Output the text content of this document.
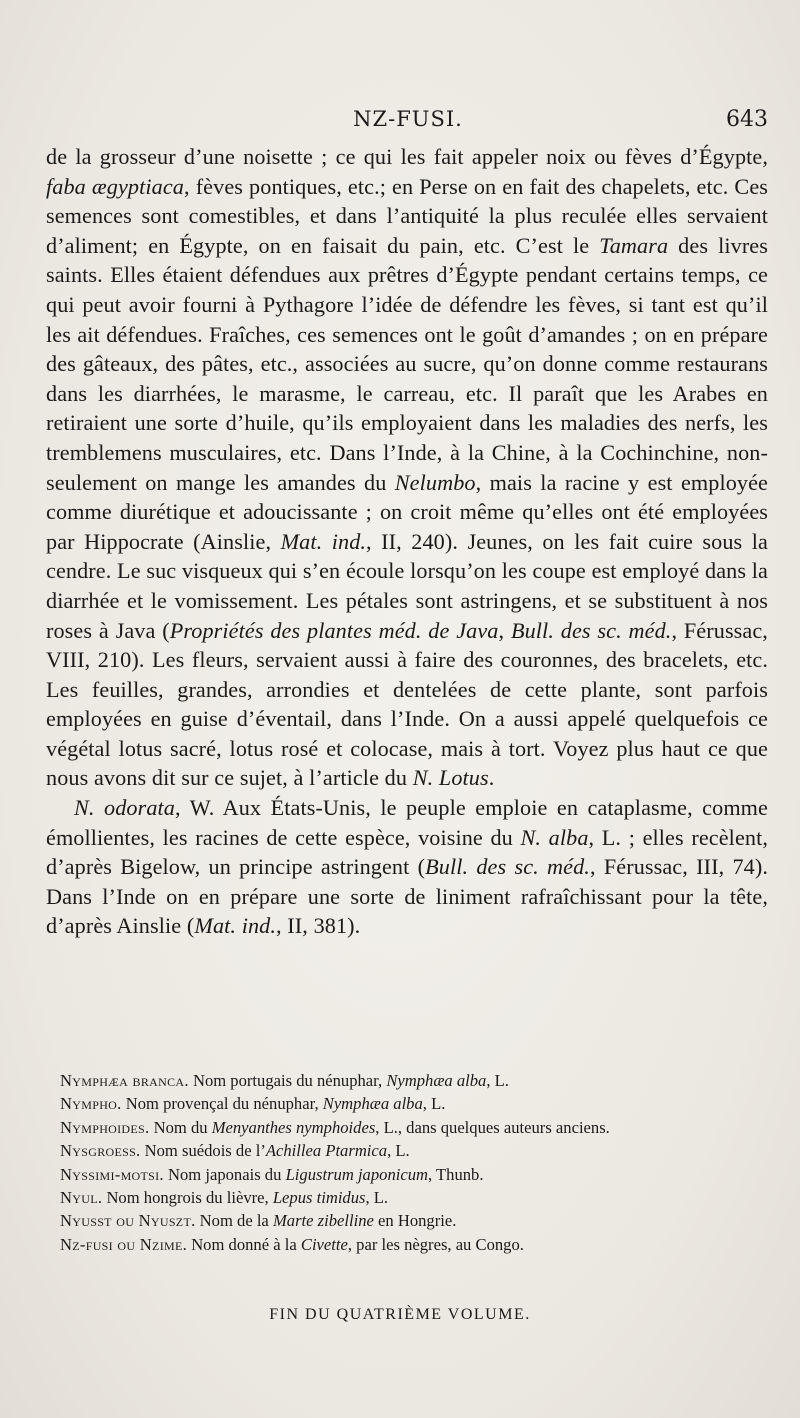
NZ-FUSI.	643

de la grosseur d’une noisette ; ce qui les fait appeler noix ou fèves d’Égypte, faba ægyptiaca, fèves pontiques, etc.; en Perse on en fait des chapelets, etc. Ces semences sont comestibles, et dans l’antiquité la plus reculée elles servaient d’aliment; en Égypte, on en faisait du pain, etc. C’est le Tamara des livres saints. Elles étaient défendues aux prêtres d’Égypte pendant certains temps, ce qui peut avoir fourni à Pythagore l’idée de défendre les fèves, si tant est qu’il les ait défendues. Fraîches, ces semences ont le goût d’amandes ; on en prépare des gâteaux, des pâtes, etc., associées au sucre, qu’on donne comme restaurans dans les diarrhées, le marasme, le carreau, etc. Il paraît que les Arabes en retiraient une sorte d’huile, qu’ils employaient dans les maladies des nerfs, les tremblemens musculaires, etc. Dans l’Inde, à la Chine, à la Cochinchine, non-seulement on mange les amandes du Nelumbo, mais la racine y est employée comme diurétique et adoucissante ; on croit même qu’elles ont été employées par Hippocrate (Ainslie, Mat. ind., II, 240). Jeunes, on les fait cuire sous la cendre. Le suc visqueux qui s’en écoule lorsqu’on les coupe est employé dans la diarrhée et le vomissement. Les pétales sont astringens, et se substituent à nos roses à Java (Propriétés des plantes méd. de Java, Bull. des sc. méd., Férussac, VIII, 210). Les fleurs, servaient aussi à faire des couronnes, des bracelets, etc. Les feuilles, grandes, arrondies et dentelées de cette plante, sont parfois employées en guise d’éventail, dans l’Inde. On a aussi appelé quelquefois ce végétal lotus sacré, lotus rosé et colocase, mais à tort. Voyez plus haut ce que nous avons dit sur ce sujet, à l’article du N. Lotus.

N. odorata, W. Aux États-Unis, le peuple emploie en cataplasme, comme émollientes, les racines de cette espèce, voisine du N. alba, L. ; elles recèlent, d’après Bigelow, un principe astringent (Bull. des sc. méd., Férussac, III, 74). Dans l’Inde on en prépare une sorte de liniment rafraîchissant pour la tête, d’après Ainslie (Mat. ind., II, 381).

Nymphæa branca. Nom portugais du nénuphar, Nymphæa alba, L.
Nympho. Nom provençal du nénuphar, Nymphæa alba, L.
Nymphoides. Nom du Menyanthes nymphoides, L., dans quelques auteurs anciens.
Nysgroess. Nom suédois de l’Achillea Ptarmica, L.
Nyssimi-motsi. Nom japonais du Ligustrum japonicum, Thunb.
Nyul. Nom hongrois du lièvre, Lepus timidus, L.
Nyusst ou Nyuszt. Nom de la Marte zibelline en Hongrie.
Nz-fusi ou Nzime. Nom donné à la Civette, par les nègres, au Congo.
FIN DU QUATRIÈME VOLUME.
